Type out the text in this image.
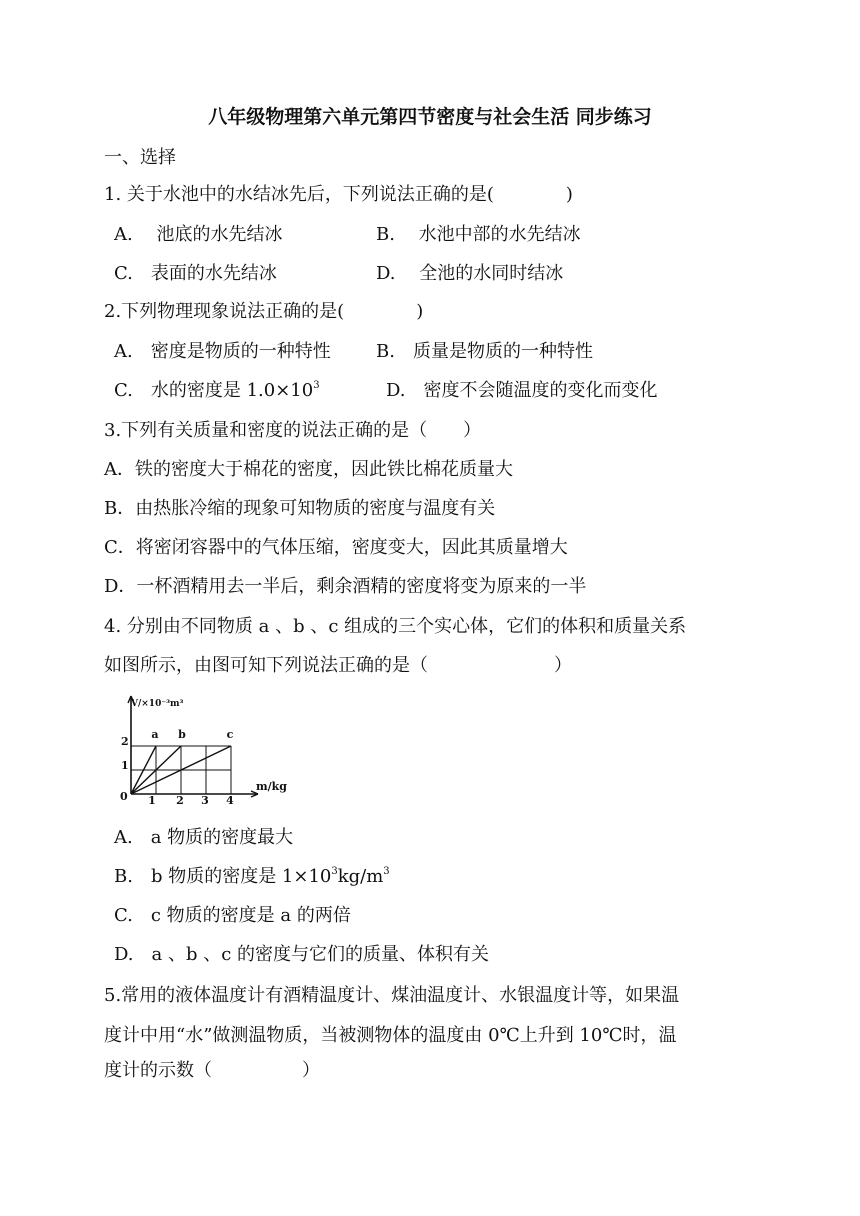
八年级物理第六单元第四节密度与社会生活 同步练习
一、选择
1. 关于水池中的水结冰先后，下列说法正确的是(　　　　)
A.　 池底的水先结冰	B.　 水池中部的水先结冰
C.　表面的水先结冰	D.　 全池的水同时结冰
2.下列物理现象说法正确的是(　　　　)
A.　密度是物质的一种特性	B.　质量是物质的一种特性
C.　水的密度是 $1.0\times 10^3$	D.　密度不会随温度的变化而变化
3.下列有关质量和密度的说法正确的是（　　）
A．铁的密度大于棉花的密度，因此铁比棉花质量大
B．由热胀冷缩的现象可知物质的密度与温度有关
C．将密闭容器中的气体压缩，密度变大，因此其质量增大
D．一杯酒精用去一半后，剩余酒精的密度将变为原来的一半
4. 分别由不同物质 a 、b 、c 组成的三个实心体，它们的体积和质量关系
如图所示，由图可知下列说法正确的是（　　　　　　　）
V/×10⁻³m³
m/kg
0 1 2 3 4
1
2
a b	c
A.　a 物质的密度最大
B.　b 物质的密度是 $1\times 10^3kg/m^3$
C.　c 物质的密度是 a 的两倍
D.　a 、b 、c 的密度与它们的质量、体积有关
5.常用的液体温度计有酒精温度计、煤油温度计、水银温度计等，如果温
度计中用“水”做测温物质，当被测物体的温度由 0℃上升到 10℃时，温
度计的示数（　　　　　）
